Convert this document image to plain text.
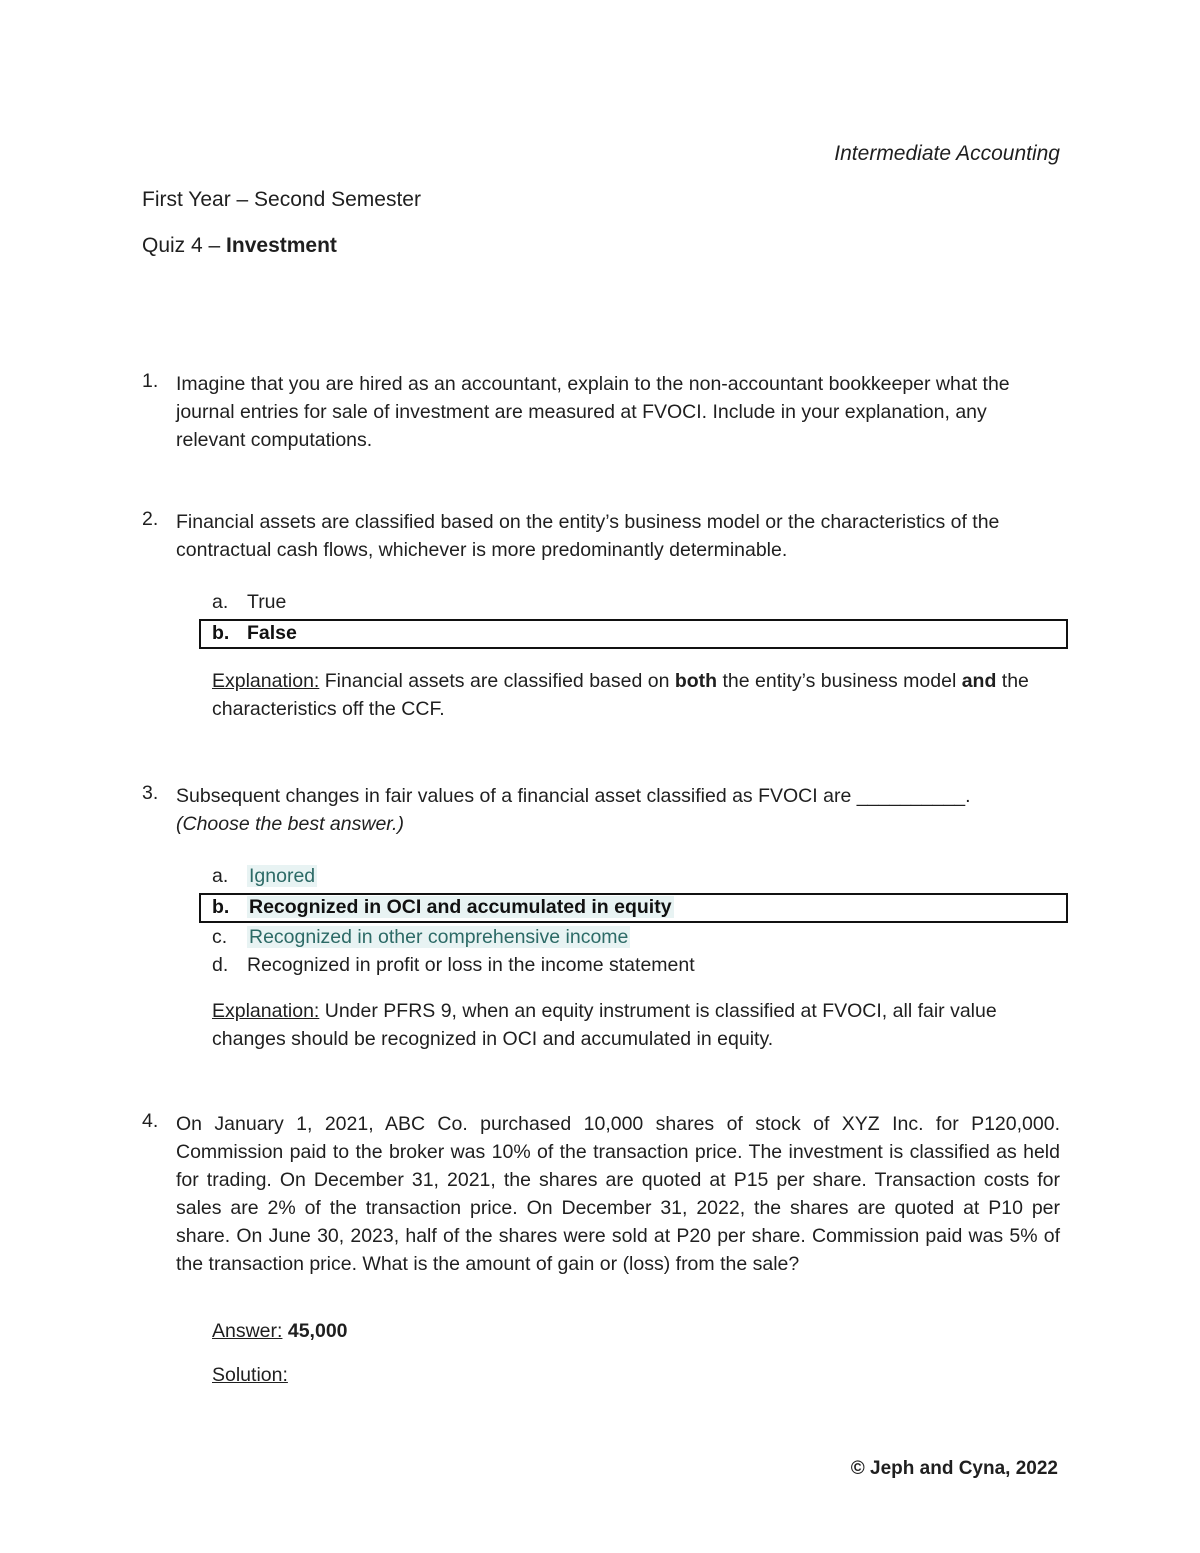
Intermediate Accounting
First Year – Second Semester
Quiz 4 – Investment
1. Imagine that you are hired as an accountant, explain to the non-accountant bookkeeper what the journal entries for sale of investment are measured at FVOCI. Include in your explanation, any relevant computations.
2. Financial assets are classified based on the entity’s business model or the characteristics of the contractual cash flows, whichever is more predominantly determinable.
a. True
b. False
Explanation: Financial assets are classified based on both the entity’s business model and the characteristics off the CCF.
3. Subsequent changes in fair values of a financial asset classified as FVOCI are __________.
(Choose the best answer.)
a. Ignored
b. Recognized in OCI and accumulated in equity
c. Recognized in other comprehensive income
d. Recognized in profit or loss in the income statement
Explanation: Under PFRS 9, when an equity instrument is classified at FVOCI, all fair value changes should be recognized in OCI and accumulated in equity.
4. On January 1, 2021, ABC Co. purchased 10,000 shares of stock of XYZ Inc. for P120,000. Commission paid to the broker was 10% of the transaction price. The investment is classified as held for trading. On December 31, 2021, the shares are quoted at P15 per share. Transaction costs for sales are 2% of the transaction price. On December 31, 2022, the shares are quoted at P10 per share. On June 30, 2023, half of the shares were sold at P20 per share. Commission paid was 5% of the transaction price. What is the amount of gain or (loss) from the sale?
Answer: 45,000
Solution:
© Jeph and Cyna, 2022
